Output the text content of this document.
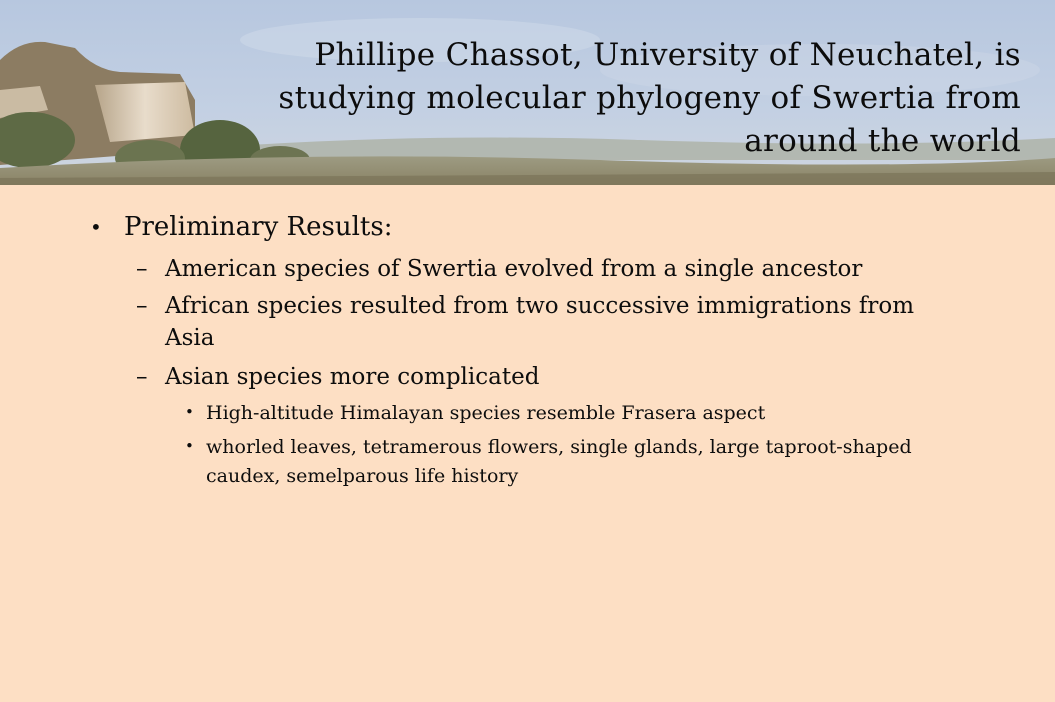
Phillipe Chassot, University of Neuchatel, is
studying molecular phylogeny of Swertia from
around the world
• Preliminary Results:
– American species of Swertia evolved from a single ancestor
– African species resulted from two successive immigrations from Asia
– Asian species more complicated
• High-altitude Himalayan species resemble Frasera aspect
• whorled leaves, tetramerous flowers, single glands, large taproot-shaped caudex, semelparous life history
